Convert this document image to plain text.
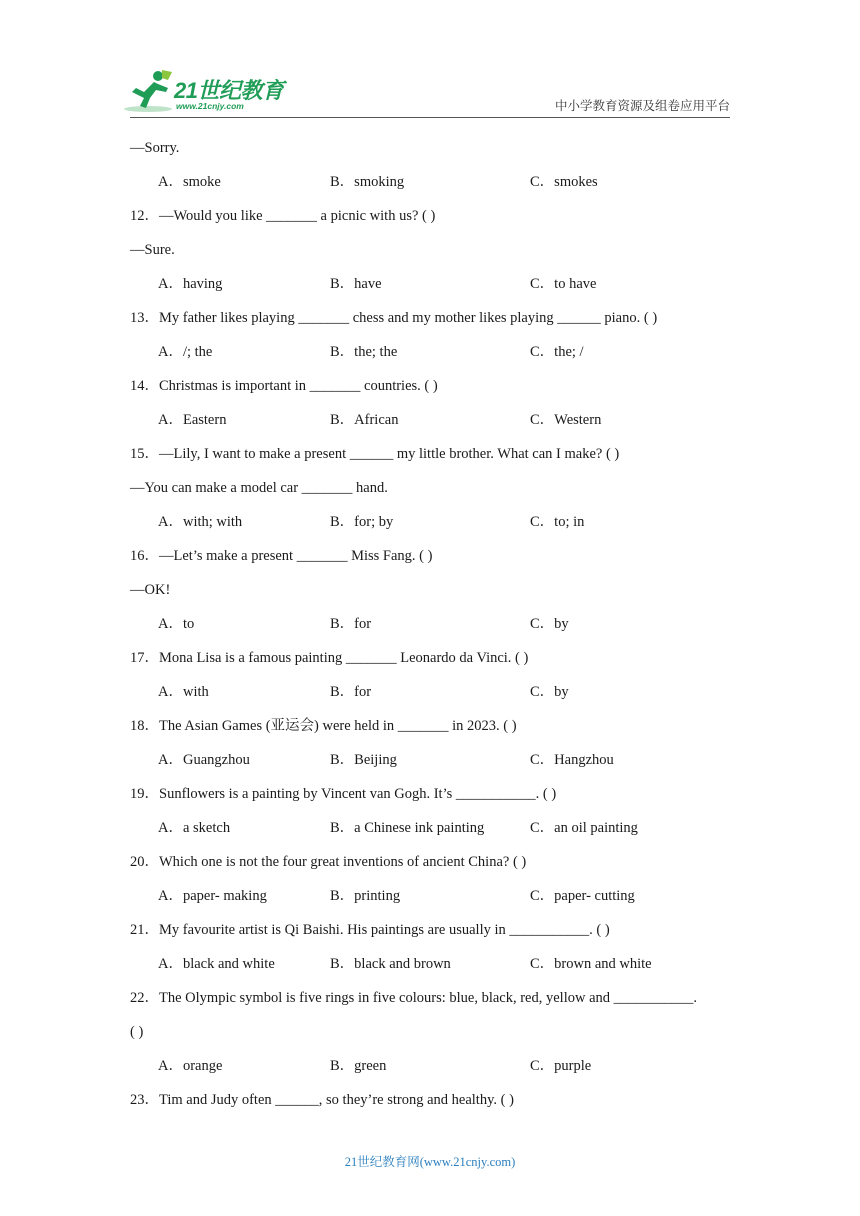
21世纪教育
www.21cnjy.com	中小学教育资源及组卷应用平台
—Sorry.
A．smoke	B．smoking	C．smokes
12．—Would you like _______ a picnic with us? ( )
—Sure.
A．having	B．have	C．to have
13．My father likes playing _______ chess and my mother likes playing ______ piano. ( )
A．/; the	B．the; the	C．the; /
14．Christmas is important in _______ countries. ( )
A．Eastern	B．African	C．Western
15．—Lily, I want to make a present ______ my little brother. What can I make? ( )
—You can make a model car _______ hand.
A．with; with	B．for; by	C．to; in
16．—Let’s make a present _______ Miss Fang. ( )
—OK!
A．to	B．for	C．by
17．Mona Lisa is a famous painting _______ Leonardo da Vinci. ( )
A．with	B．for	C．by
18．The Asian Games (亚运会) were held in _______ in 2023. ( )
A．Guangzhou	B．Beijing	C．Hangzhou
19．Sunflowers is a painting by Vincent van Gogh. It’s ___________. ( )
A．a sketch	B．a Chinese ink painting	C．an oil painting
20．Which one is not the four great inventions of ancient China? ( )
A．paper- making	B．printing	C．paper- cutting
21．My favourite artist is Qi Baishi. His paintings are usually in ___________. ( )
A．black and white	B．black and brown	C．brown and white
22．The Olympic symbol is five rings in five colours: blue, black, red, yellow and ___________.
( )
A．orange	B．green	C．purple
23．Tim and Judy often ______, so they’re strong and healthy. ( )
21世纪教育网(www.21cnjy.com)
